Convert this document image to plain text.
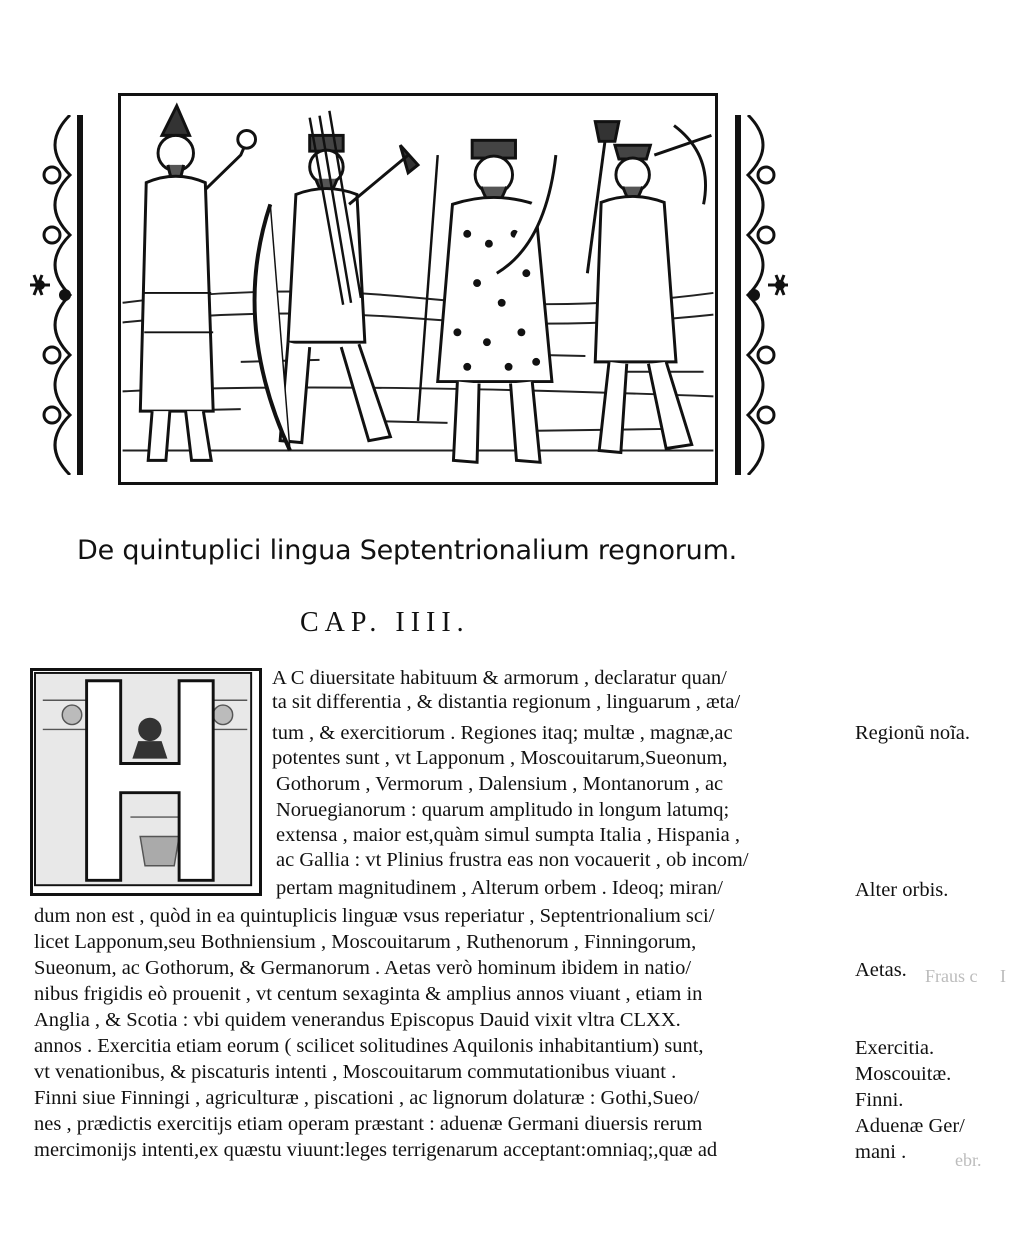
De quintuplici lingua Septentrionalium regnorum.
CAP. IIII.
A C diuersitate habituum & armorum , declaratur quan/
ta sit differentia , & distantia regionum , linguarum , æta/
tum , & exercitiorum . Regiones itaq; multæ , magnæ,ac
potentes sunt , vt Lapponum , Moscouitarum,Sueonum,
Gothorum , Vermorum , Dalensium , Montanorum , ac
Noruegianorum : quarum amplitudo in longum latumq;
extensa , maior est,quàm simul sumpta Italia , Hispania ,
ac Gallia : vt Plinius frustra eas non vocauerit , ob incom/
pertam magnitudinem , Alterum orbem . Ideoq; miran/
dum non est , quòd in ea quintuplicis linguæ vsus reperiatur , Septentrionalium sci/
licet Lapponum,seu Bothniensium , Moscouitarum , Ruthenorum , Finningorum,
Sueonum, ac Gothorum, & Germanorum . Aetas verò hominum ibidem in natio/
nibus frigidis eò prouenit , vt centum sexaginta & amplius annos viuant , etiam in
Anglia , & Scotia : vbi quidem venerandus Episcopus Dauid vixit vltra CLXX.
annos . Exercitia etiam eorum ( scilicet solitudines Aquilonis inhabitantium) sunt,
vt venationibus, & piscaturis intenti , Moscouitarum commutationibus viuant .
Finni siue Finningi , agriculturæ , piscationi , ac lignorum dolaturæ : Gothi,Sueo/
nes , prædictis exercitijs etiam operam præstant : aduenæ Germani diuersis rerum
mercimonijs intenti,ex quæstu viuunt:leges terrigenarum acceptant:omniaq;,quæ ad
Regionũ noĩa.
Alter orbis.
Aetas.
Exercitia.
Moscouitæ.
Finni.
Aduenæ Ger/
mani .
Fraus c I
ebr.
